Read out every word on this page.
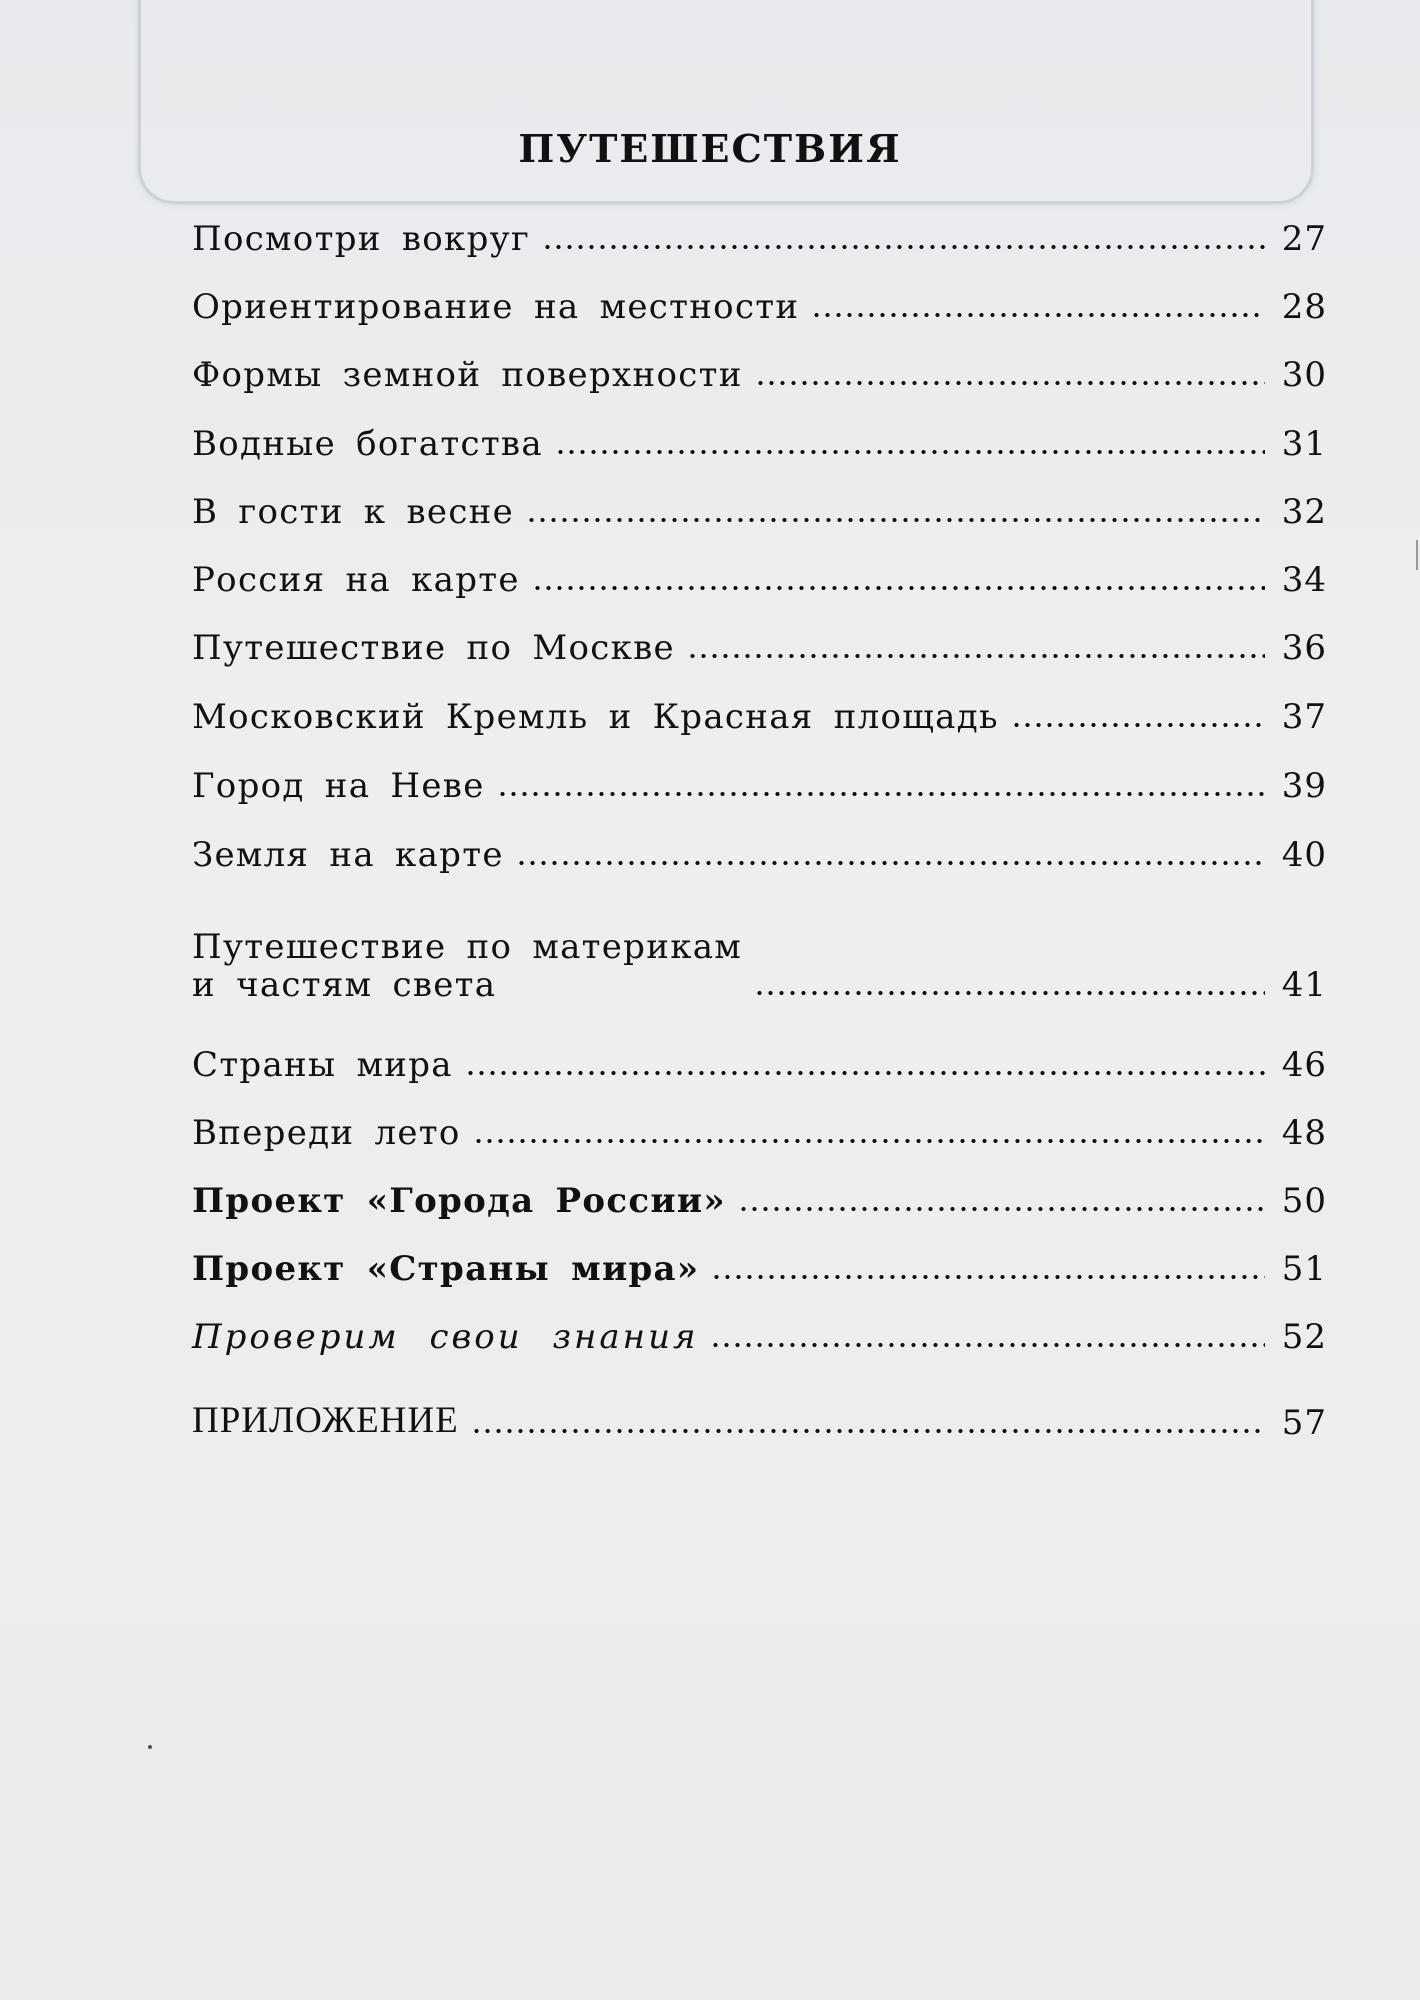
ПУТЕШЕСТВИЯ
Посмотри вокруг	27
Ориентирование на местности	28
Формы земной поверхности	30
Водные богатства	31
В гости к весне	32
Россия на карте	34
Путешествие по Москве	36
Московский Кремль и Красная площадь	37
Город на Неве	39
Земля на карте	40
Путешествие по материкам
и частям света	41
Страны мира	46
Впереди лето	48
Проект «Города России»	50
Проект «Страны мира»	51
Проверим свои знания	52
ПРИЛОЖЕНИЕ	57
